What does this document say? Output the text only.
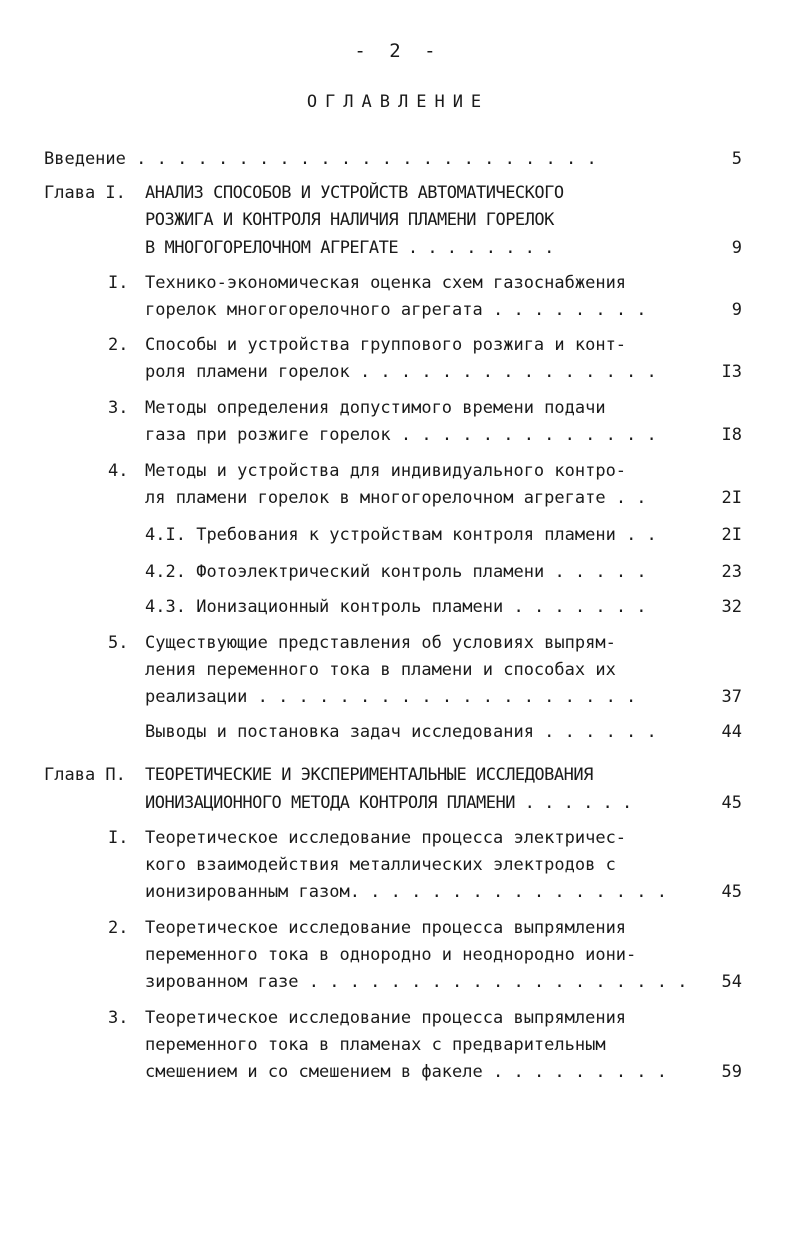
- 2 -
ОГЛАВЛЕНИЕ
Введение . . . . . . . . . . . . . . . . . . . . . . .	5
Глава I. АНАЛИЗ СПОСОБОВ И УСТРОЙСТВ АВТОМАТИЧЕСКОГО
РОЗЖИГА И КОНТРОЛЯ НАЛИЧИЯ ПЛАМЕНИ ГОРЕЛОК
В МНОГОГОРЕЛОЧНОМ АГРЕГАТЕ . . . . . . . .	9
I. Технико-экономическая оценка схем газоснабжения
горелок многогорелочного агрегата . . . . . . . .	9
2. Способы и устройства группового розжига и конт-
роля пламени горелок . . . . . . . . . . . . . . .	I3
3. Методы определения допустимого времени подачи
газа при розжиге горелок . . . . . . . . . . . . .	I8
4. Методы и устройства для индивидуального контро-
ля пламени горелок в многогорелочном агрегате . .	2I
4.I. Требования к устройствам контроля пламени . .	2I
4.2. Фотоэлектрический контроль пламени . . . . .	23
4.3. Ионизационный контроль пламени . . . . . . .	32
5. Существующие представления об условиях выпрям-
ления переменного тока в пламени и способах их
реализации . . . . . . . . . . . . . . . . . . .	37
Выводы и постановка задач исследования . . . . . .	44
Глава П. ТЕОРЕТИЧЕСКИЕ И ЭКСПЕРИМЕНТАЛЬНЫЕ ИССЛЕДОВАНИЯ
ИОНИЗАЦИОННОГО МЕТОДА КОНТРОЛЯ ПЛАМЕНИ . . . . . .	45
I. Теоретическое исследование процесса электричес-
кого взаимодействия металлических электродов с
ионизированным газом. . . . . . . . . . . . . . . .	45
2. Теоретическое исследование процесса выпрямления
переменного тока в однородно и неоднородно иони-
зированном газе . . . . . . . . . . . . . . . . . . .	54
3. Теоретическое исследование процесса выпрямления
переменного тока в пламенах с предварительным
смешением и со смешением в факеле . . . . . . . . .	59
